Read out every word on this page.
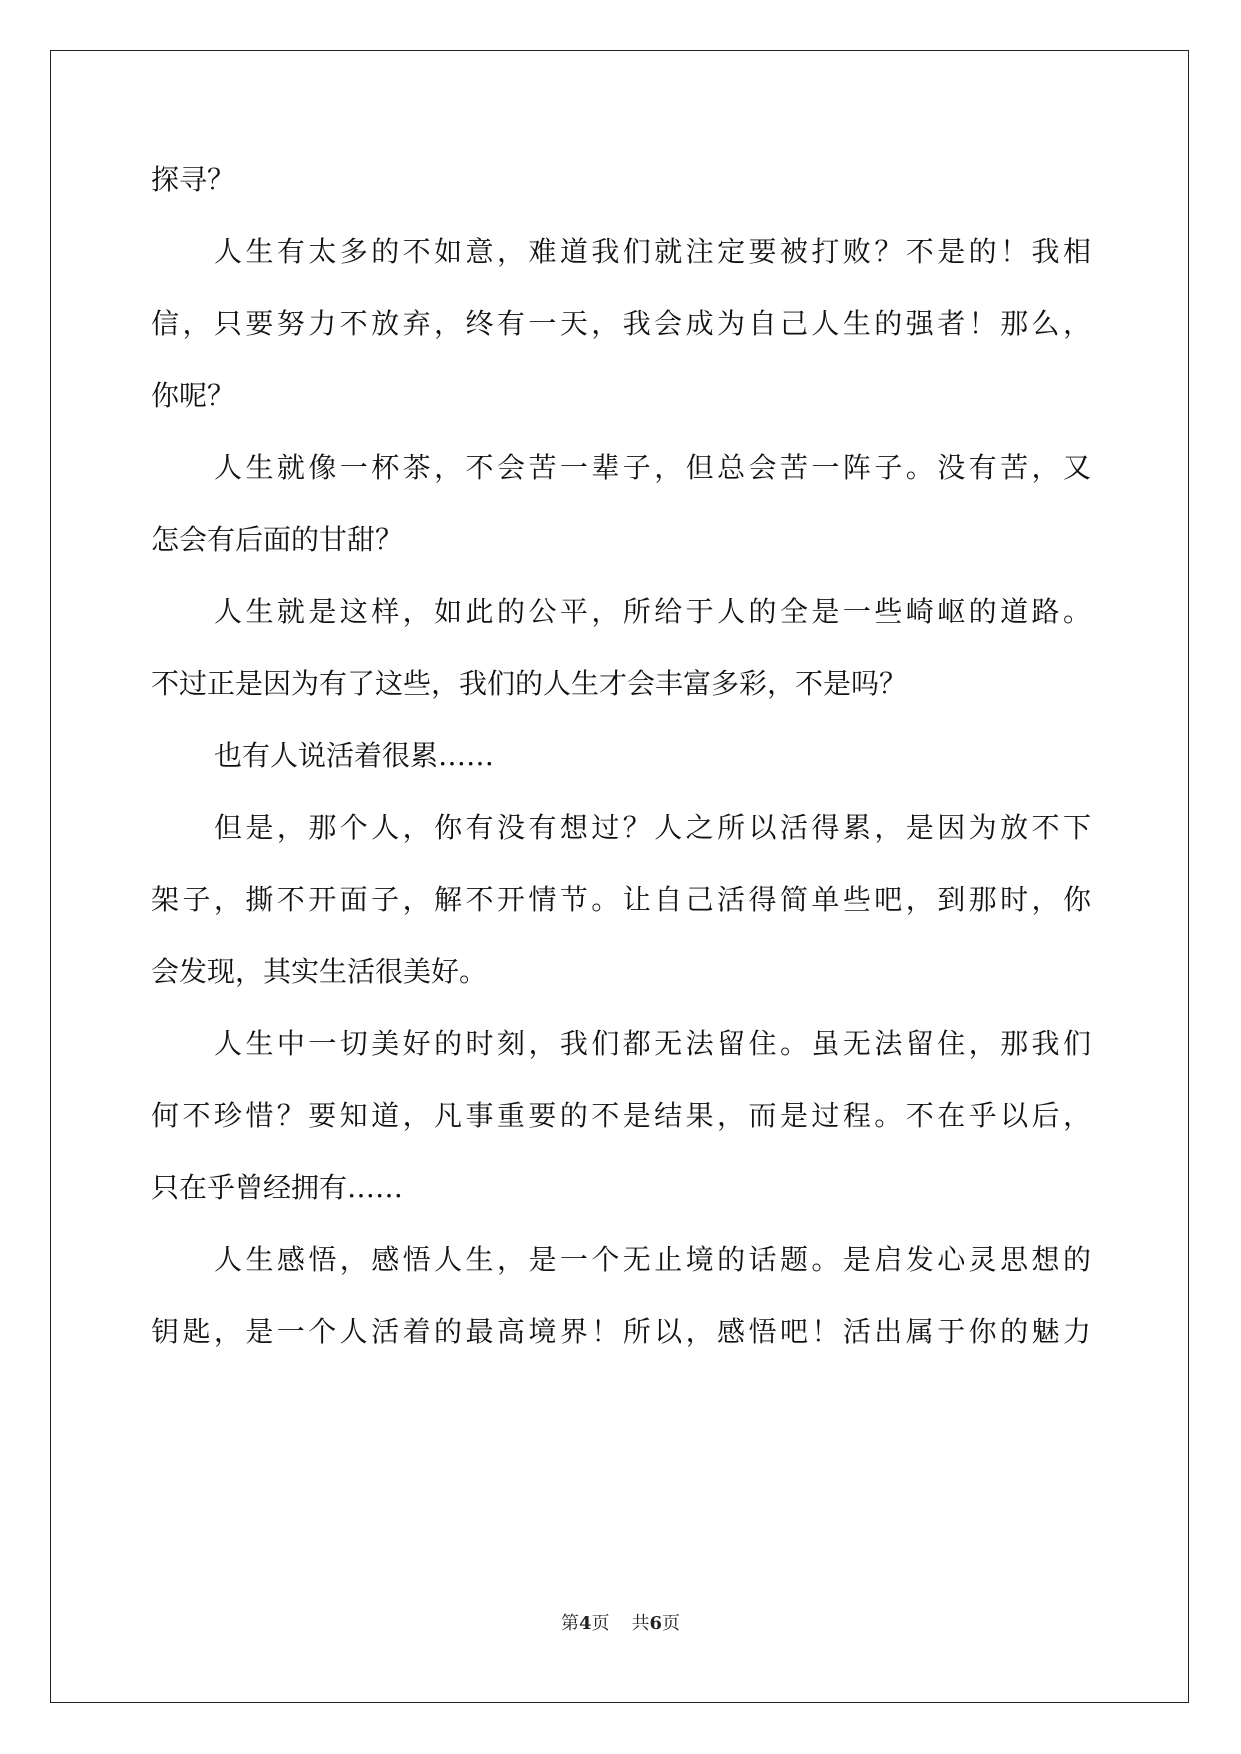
探寻？
人生有太多的不如意，难道我们就注定要被打败？不是的！我相
信，只要努力不放弃，终有一天，我会成为自己人生的强者！那么，
你呢？
人生就像一杯茶，不会苦一辈子，但总会苦一阵子。没有苦，又
怎会有后面的甘甜？
人生就是这样，如此的公平，所给于人的全是一些崎岖的道路。
不过正是因为有了这些，我们的人生才会丰富多彩，不是吗？
也有人说活着很累……
但是，那个人，你有没有想过？人之所以活得累，是因为放不下
架子，撕不开面子，解不开情节。让自己活得简单些吧，到那时，你
会发现，其实生活很美好。
人生中一切美好的时刻，我们都无法留住。虽无法留住，那我们
何不珍惜？要知道，凡事重要的不是结果，而是过程。不在乎以后，
只在乎曾经拥有……
人生感悟，感悟人生，是一个无止境的话题。是启发心灵思想的
钥匙，是一个人活着的最高境界！所以，感悟吧！活出属于你的魅力
第4页 共6页
